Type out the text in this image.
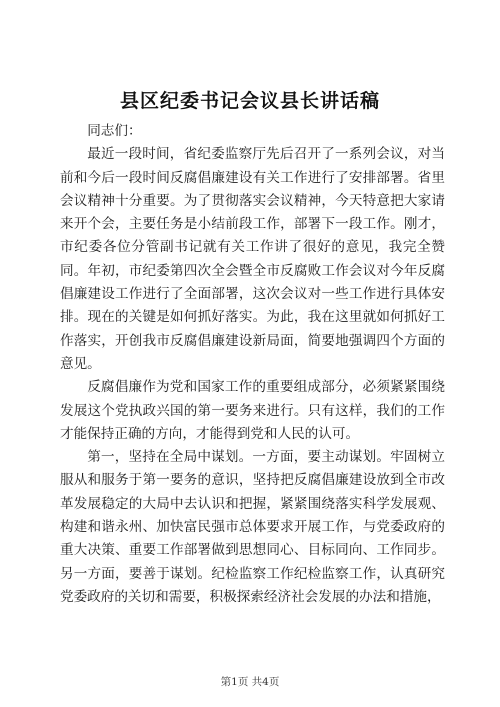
县区纪委书记会议县长讲话稿

同志们：

最近一段时间，省纪委监察厅先后召开了一系列会议，对当前和今后一段时间反腐倡廉建设有关工作进行了安排部署。省里会议精神十分重要。为了贯彻落实会议精神，今天特意把大家请来开个会，主要任务是小结前段工作，部署下一段工作。刚才，市纪委各位分管副书记就有关工作讲了很好的意见，我完全赞同。年初，市纪委第四次全会暨全市反腐败工作会议对今年反腐倡廉建设工作进行了全面部署，这次会议对一些工作进行具体安排。现在的关键是如何抓好落实。为此，我在这里就如何抓好工作落实，开创我市反腐倡廉建设新局面，简要地强调四个方面的意见。

反腐倡廉作为党和国家工作的重要组成部分，必须紧紧围绕发展这个党执政兴国的第一要务来进行。只有这样，我们的工作才能保持正确的方向，才能得到党和人民的认可。

第一，坚持在全局中谋划。一方面，要主动谋划。牢固树立服从和服务于第一要务的意识，坚持把反腐倡廉建设放到全市改革发展稳定的大局中去认识和把握，紧紧围绕落实科学发展观、构建和谐永州、加快富民强市总体要求开展工作，与党委政府的重大决策、重要工作部署做到思想同心、目标同向、工作同步。另一方面，要善于谋划。纪检监察工作纪检监察工作，认真研究党委政府的关切和需要，积极探索经济社会发展的办法和措施，

第1页 共4页
